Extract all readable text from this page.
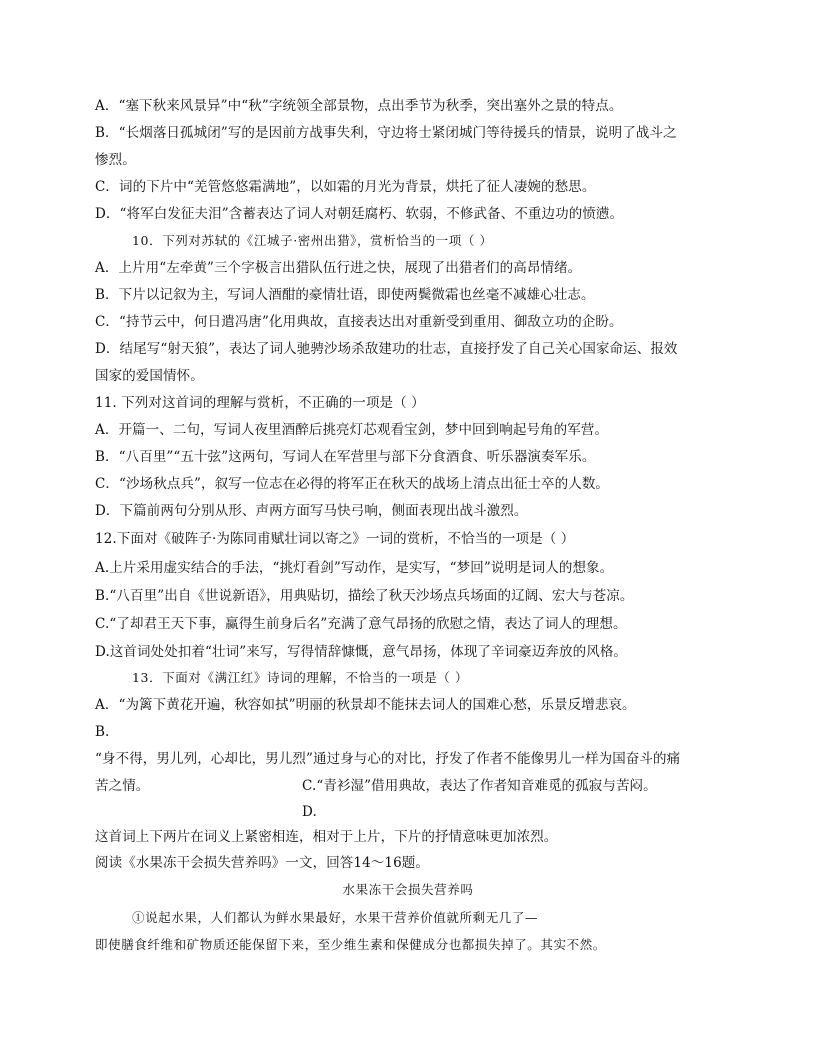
A．“塞下秋来风景异”中“秋”字统领全部景物，点出季节为秋季，突出塞外之景的特点。
B．“长烟落日孤城闭”写的是因前方战事失利，守边将士紧闭城门等待援兵的情景，说明了战斗之
惨烈。
C．词的下片中“羌管悠悠霜满地”，以如霜的月光为背景，烘托了征人凄婉的愁思。
D．“将军白发征夫泪”含蓄表达了词人对朝廷腐朽、软弱，不修武备、不重边功的愤懑。
10．下列对苏轼的《江城子·密州出猎》，赏析恰当的一项（ ）
A．上片用“左牵黄”三个字极言出猎队伍行进之快，展现了出猎者们的高昂情绪。
B．下片以记叙为主，写词人酒酣的豪情壮语，即使两鬓微霜也丝毫不减雄心壮志。
C．“持节云中，何日遣冯唐”化用典故，直接表达出对重新受到重用、御敌立功的企盼。
D．结尾写“射天狼”，表达了词人驰骋沙场杀敌建功的壮志，直接抒发了自己关心国家命运、报效
国家的爱国情怀。
11. 下列对这首词的理解与赏析，不正确的一项是（ ）
A．开篇一、二句，写词人夜里酒醉后挑亮灯芯观看宝剑，梦中回到响起号角的军营。
B．“八百里”“五十弦”这两句，写词人在军营里与部下分食酒食、听乐器演奏军乐。
C．“沙场秋点兵”，叙写一位志在必得的将军正在秋天的战场上清点出征士卒的人数。
D．下篇前两句分别从形、声两方面写马快弓响，侧面表现出战斗激烈。
12.下面对《破阵子·为陈同甫赋壮词以寄之》一词的赏析，不恰当的一项是（ ）
A.上片采用虚实结合的手法，“挑灯看剑”写动作，是实写，“梦回”说明是词人的想象。
B.“八百里”出自《世说新语》，用典贴切，描绘了秋天沙场点兵场面的辽阔、宏大与苍凉。
C.“了却君王天下事，赢得生前身后名”充满了意气昂扬的欣慰之情，表达了词人的理想。
D.这首词处处扣着“壮词”来写，写得情辞慷慨，意气昂扬，体现了辛词豪迈奔放的风格。
13．下面对《满江红》诗词的理解，不恰当的一项是（ ）
A．“为篱下黄花开遍，秋容如拭”明丽的秋景却不能抹去词人的国难心愁，乐景反增悲哀。
B.
“身不得，男儿列，心却比，男儿烈”通过身与心的对比，抒发了作者不能像男儿一样为国奋斗的痛
苦之情。	C.“青衫湿”借用典故，表达了作者知音难觅的孤寂与苦闷。
D.
这首词上下两片在词义上紧密相连，相对于上片，下片的抒情意味更加浓烈。
阅读《水果冻干会损失营养吗》一文，回答14～16题。
水果冻干会损失营养吗
①说起水果，人们都认为鲜水果最好，水果干营养价值就所剩无几了—
即使膳食纤维和矿物质还能保留下来，至少维生素和保健成分也都损失掉了。其实不然。
